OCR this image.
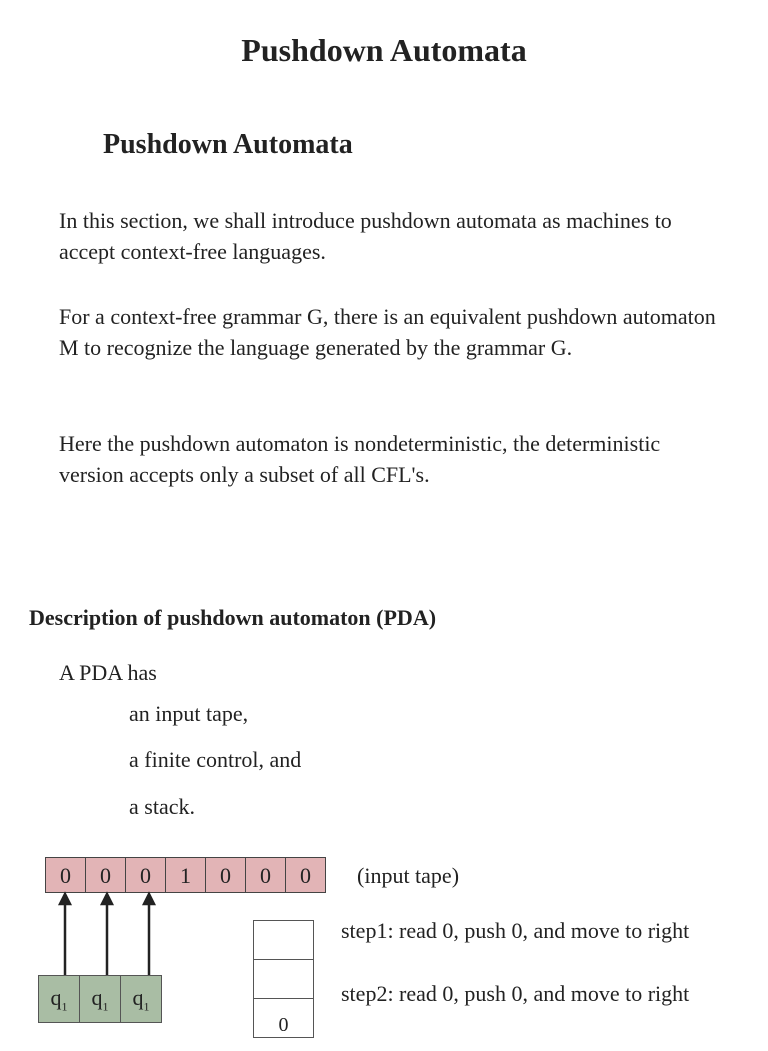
Pushdown Automata
Pushdown Automata

In this section, we shall introduce pushdown automata as machines to accept context-free languages.

For a context-free grammar G, there is an equivalent pushdown automaton M to recognize the language generated by the grammar G.

Here the pushdown automaton is nondeterministic, the deterministic version accepts only a subset of all CFL's.

Description of pushdown automaton (PDA)

A PDA has

an input tape,

a finite control, and

a stack.

0	0	0	1	0	0	0	(input tape)
$q_1$	$q_1$	$q_1$
0

step1: read 0, push 0, and move to right

step2: read 0, push 0, and move to right
